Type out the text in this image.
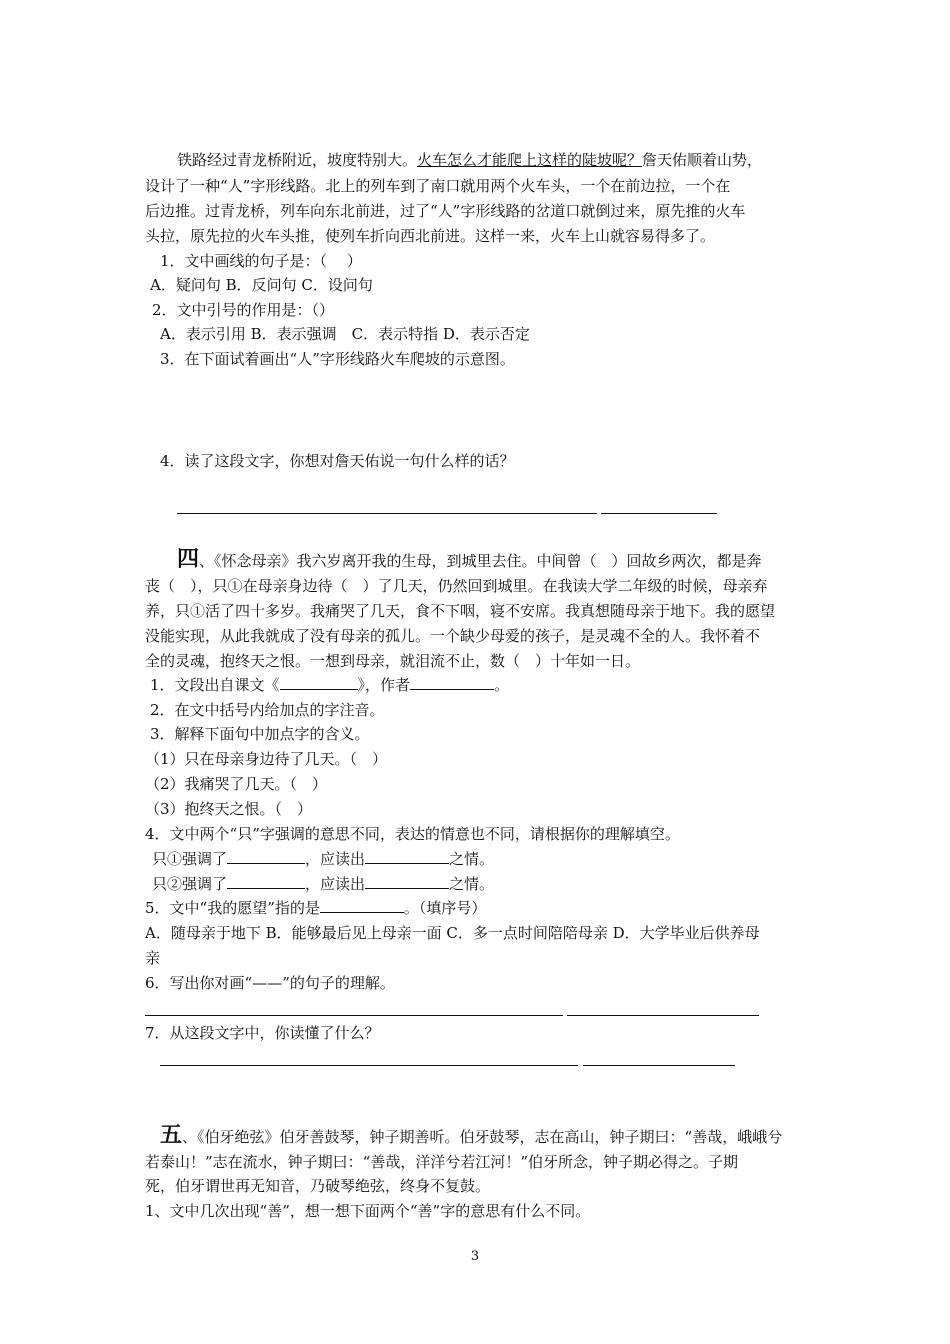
铁路经过青龙桥附近，坡度特别大。火车怎么才能爬上这样的陡坡呢？詹天佑顺着山势，
设计了一种“人”字形线路。北上的列车到了南口就用两个火车头，一个在前边拉，一个在
后边推。过青龙桥，列车向东北前进，过了“人”字形线路的岔道口就倒过来，原先推的火车
头拉，原先拉的火车头推，使列车折向西北前进。这样一来，火车上山就容易得多了。
1．文中画线的句子是：（　 ）
A．疑问句 B．反问句 C．设问句
2．文中引号的作用是：（）
A．表示引用 B．表示强调　C．表示特指 D．表示否定
3．在下面试着画出“人”字形线路火车爬坡的示意图。
4．读了这段文字，你想对詹天佑说一句什么样的话？
四、《怀念母亲》我六岁离开我的生母，到城里去住。中间曾（　）回故乡两次，都是奔
丧（　），只①在母亲身边待（　）了几天，仍然回到城里。在我读大学二年级的时候，母亲弃
养，只①活了四十多岁。我痛哭了几天，食不下咽，寝不安席。我真想随母亲于地下。我的愿望
没能实现，从此我就成了没有母亲的孤儿。一个缺少母爱的孩子，是灵魂不全的人。我怀着不
全的灵魂，抱终天之恨。一想到母亲，就泪流不止，数（　）十年如一日。
1．文段出自课文《	》，作者	。
2．在文中括号内给加点的字注音。
3．解释下面句中加点字的含义。
（1）只在母亲身边待了几天。（　）
（2）我痛哭了几天。（　）
（3）抱终天之恨。（　）
4．文中两个“只”字强调的意思不同，表达的情意也不同，请根据你的理解填空。
只①强调了	，应读出	之情。
只②强调了	，应读出	之情。
5．文中“我的愿望”指的是	。（填序号）
A．随母亲于地下 B．能够最后见上母亲一面 C．多一点时间陪陪母亲 D．大学毕业后供养母
亲
6．写出你对画“——”的句子的理解。
7．从这段文字中，你读懂了什么？
五、《伯牙绝弦》伯牙善鼓琴，钟子期善听。伯牙鼓琴，志在高山，钟子期曰：“善哉，峨峨兮
若泰山！”志在流水，钟子期曰：“善哉，洋洋兮若江河！”伯牙所念，钟子期必得之。子期
死，伯牙谓世再无知音，乃破琴绝弦，终身不复鼓。
1、文中几次出现“善”，想一想下面两个“善”字的意思有什么不同。
3
